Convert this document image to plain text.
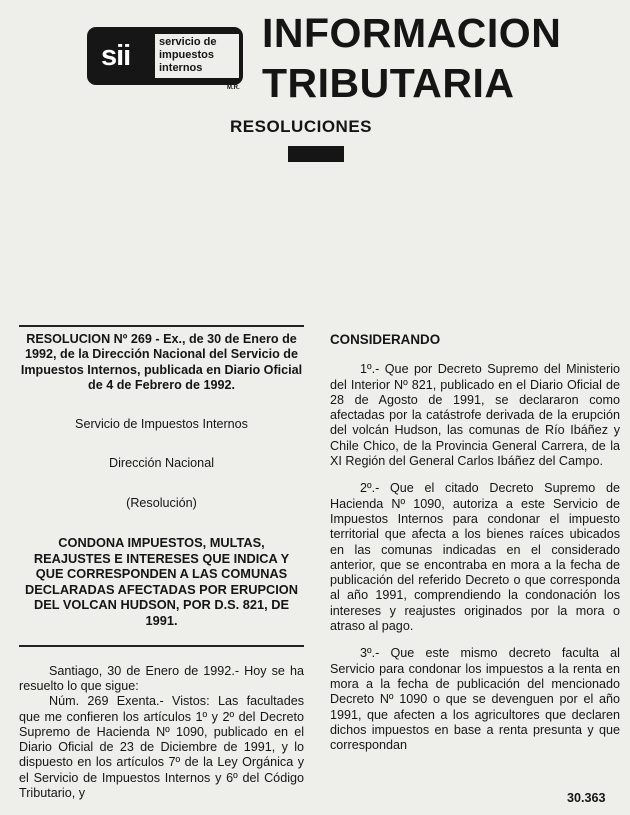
sii	servicio de
impuestos
internos
M.R.
INFORMACION
TRIBUTARIA
RESOLUCIONES

RESOLUCION Nº 269 - Ex., de 30 de Enero de 1992, de la Dirección Nacional del Servicio de Impuestos Internos, publicada en Diario Oficial de 4 de Febrero de 1992.

Servicio de Impuestos Internos

Dirección Nacional

(Resolución)

CONDONA IMPUESTOS, MULTAS, REAJUSTES E INTERESES QUE INDICA Y QUE CORRESPONDEN A LAS COMUNAS DECLARADAS AFECTADAS POR ERUPCION DEL VOLCAN HUDSON, POR D.S. 821, DE 1991.

Santiago, 30 de Enero de 1992.- Hoy se ha resuelto lo que sigue:

Núm. 269 Exenta.- Vistos: Las facultades que me confieren los artículos 1º y 2º del Decreto Supremo de Hacienda Nº 1090, publicado en el Diario Oficial de 23 de Diciembre de 1991, y lo dispuesto en los artículos 7º de la Ley Orgánica y el Servicio de Impuestos Internos y 6º del Código Tributario, y

CONSIDERANDO

1º.- Que por Decreto Supremo del Ministerio del Interior Nº 821, publicado en el Diario Oficial de 28 de Agosto de 1991, se declararon como afectadas por la catástrofe derivada de la erupción del volcán Hudson, las comunas de Río Ibáñez y Chile Chico, de la Provincia General Carrera, de la XI Región del General Carlos Ibáñez del Campo.

2º.- Que el citado Decreto Supremo de Hacienda Nº 1090, autoriza a este Servicio de Impuestos Internos para condonar el impuesto territorial que afecta a los bienes raíces ubicados en las comunas indicadas en el considerado anterior, que se encontraba en mora a la fecha de publicación del referido Decreto o que corresponda al año 1991, comprendiendo la condonación los intereses y reajustes originados por la mora o atraso al pago.

3º.- Que este mismo decreto faculta al Servicio para condonar los impuestos a la renta en mora a la fecha de publicación del mencionado Decreto Nº 1090 o que se devenguen por el año 1991, que afecten a los agricultores que declaren dichos impuestos en base a renta presunta y que correspondan

30.363
